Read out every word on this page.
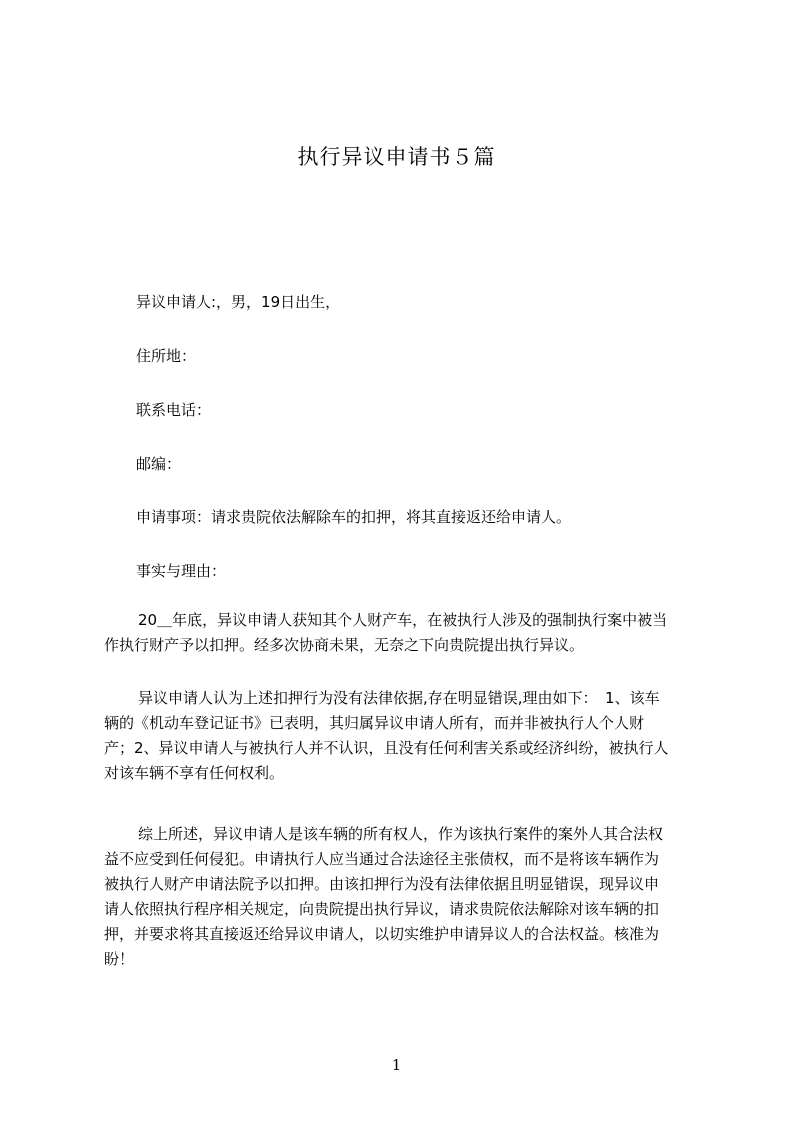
执行异议申请书５篇
异议申请人:，男，19日出生，
住所地：
联系电话：
邮编：
申请事项：请求贵院依法解除车的扣押，将其直接返还给申请人。
事实与理由：
20＿年底，异议申请人获知其个人财产车，在被执行人涉及的强制执行案中被当
作执行财产予以扣押。经多次协商未果，无奈之下向贵院提出执行异议。
异议申请人认为上述扣押行为没有法律依据,存在明显错误,理由如下：　1、该车
辆的《机动车登记证书》已表明，其归属异议申请人所有，而并非被执行人个人财
产；2、异议申请人与被执行人并不认识，且没有任何利害关系或经济纠纷，被执行人
对该车辆不享有任何权利。
综上所述，异议申请人是该车辆的所有权人，作为该执行案件的案外人其合法权
益不应受到任何侵犯。申请执行人应当通过合法途径主张债权，而不是将该车辆作为
被执行人财产申请法院予以扣押。由该扣押行为没有法律依据且明显错误，现异议申
请人依照执行程序相关规定，向贵院提出执行异议，请求贵院依法解除对该车辆的扣
押，并要求将其直接返还给异议申请人，以切实维护申请异议人的合法权益。核准为
盼！
1
